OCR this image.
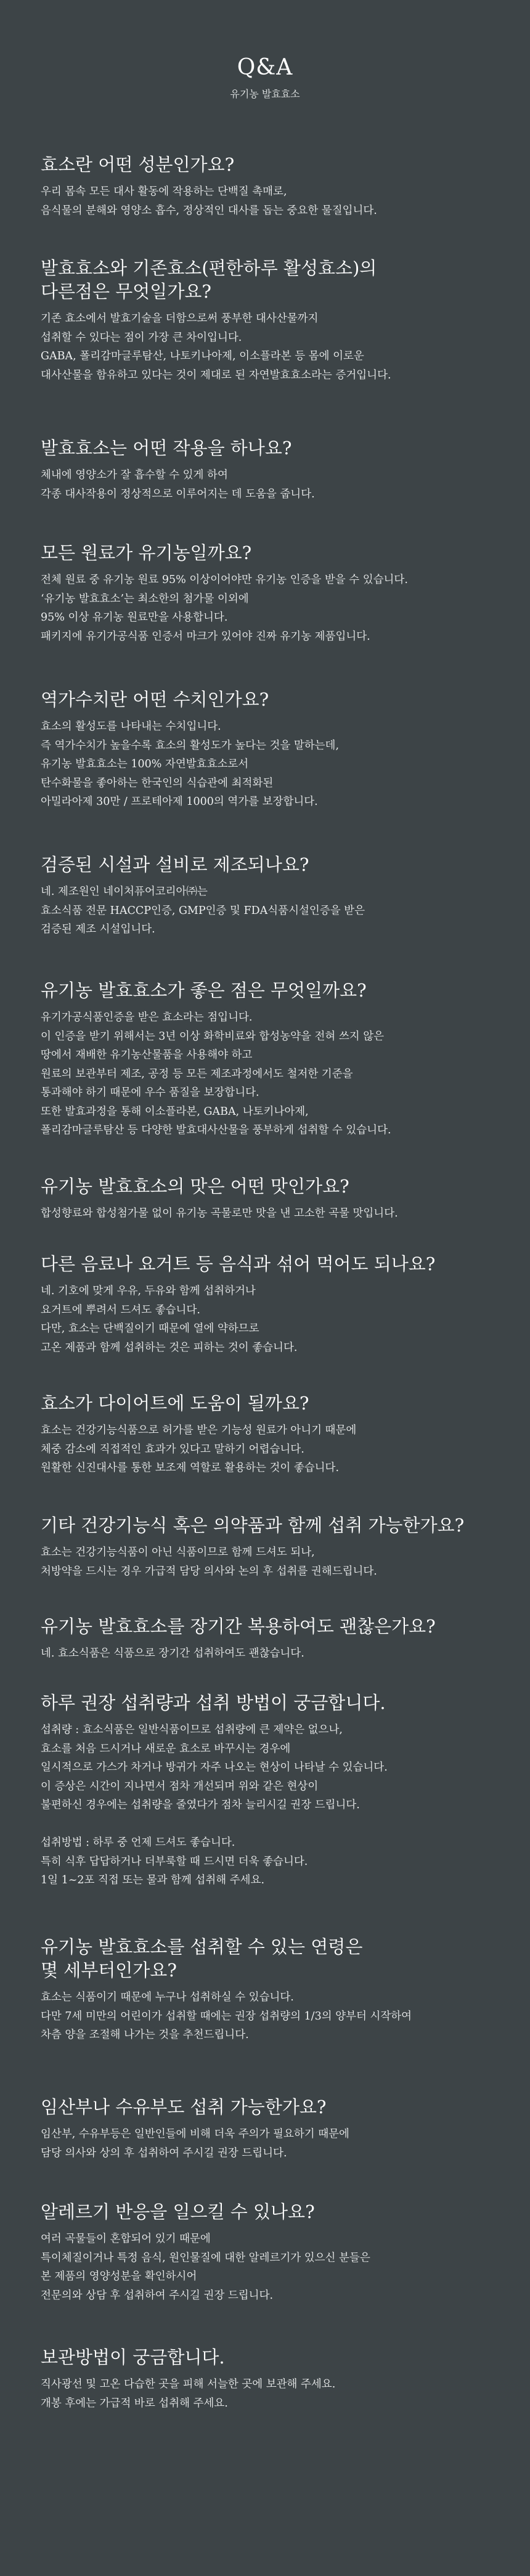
Q&A
유기농 발효효소
효소란 어떤 성분인가요?
우리 몸속 모든 대사 활동에 작용하는 단백질 촉매로,
음식물의 분해와 영양소 흡수, 정상적인 대사를 돕는 중요한 물질입니다.
발효효소와 기존효소(편한하루 활성효소)의
다른점은 무엇일가요?
기존 효소에서 발효기술을 더함으로써 풍부한 대사산물까지
섭취할 수 있다는 점이 가장 큰 차이입니다.
GABA, 폴리감마글루탐산, 나토키나아제, 이소플라본 등 몸에 이로운
대사산물을 함유하고 있다는 것이 제대로 된 자연발효효소라는 증거입니다.
발효효소는 어떤 작용을 하나요?
체내에 영양소가 잘 흡수할 수 있게 하여
각종 대사작용이 정상적으로 이루어지는 데 도움을 줍니다.
모든 원료가 유기농일까요?
전체 원료 중 유기농 원료 95% 이상이어야만 유기농 인증을 받을 수 있습니다.
‘유기농 발효효소’는 최소한의 첨가물 이외에
95% 이상 유기농 원료만을 사용합니다.
패키지에 유기가공식품 인증서 마크가 있어야 진짜 유기농 제품입니다.
역가수치란 어떤 수치인가요?
효소의 활성도를 나타내는 수치입니다.
즉 역가수치가 높을수록 효소의 활성도가 높다는 것을 말하는데,
유기농 발효효소는 100% 자연발효효소로서
탄수화물을 좋아하는 한국인의 식습관에 최적화된
아밀라아제 30만 / 프로테아제 1000의 역가를 보장합니다.
검증된 시설과 설비로 제조되나요?
네. 제조원인 네이처퓨어코리아㈜는
효소식품 전문 HACCP인증, GMP인증 및 FDA식품시설인증을 받은
검증된 제조 시설입니다.
유기농 발효효소가 좋은 점은 무엇일까요?
유기가공식품인증을 받은 효소라는 점입니다.
이 인증을 받기 위해서는 3년 이상 화학비료와 합성농약을 전혀 쓰지 않은
땅에서 재배한 유기농산물품을 사용해야 하고
원료의 보관부터 제조, 공정 등 모든 제조과정에서도 철저한 기준을
통과해야 하기 때문에 우수 품질을 보장합니다.
또한 발효과정을 통해 이소플라본, GABA, 나토키나아제,
폴리감마글루탐산 등 다양한 발효대사산물을 풍부하게 섭취할 수 있습니다.
유기농 발효효소의 맛은 어떤 맛인가요?
합성향료와 합성첨가물 없이 유기농 곡물로만 맛을 낸 고소한 곡물 맛입니다.
다른 음료나 요거트 등 음식과 섞어 먹어도 되나요?
네. 기호에 맞게 우유, 두유와 함께 섭취하거나
요거트에 뿌려서 드셔도 좋습니다.
다만, 효소는 단백질이기 때문에 열에 약하므로
고온 제품과 함께 섭취하는 것은 피하는 것이 좋습니다.
효소가 다이어트에 도움이 될까요?
효소는 건강기능식품으로 허가를 받은 기능성 원료가 아니기 때문에
체중 감소에 직접적인 효과가 있다고 말하기 어렵습니다.
원활한 신진대사를 통한 보조제 역할로 활용하는 것이 좋습니다.
기타 건강기능식 혹은 의약품과 함께 섭취 가능한가요?
효소는 건강기능식품이 아닌 식품이므로 함께 드셔도 되나,
처방약을 드시는 경우 가급적 담당 의사와 논의 후 섭취를 권해드립니다.
유기농 발효효소를 장기간 복용하여도 괜찮은가요?
네. 효소식품은 식품으로 장기간 섭취하여도 괜찮습니다.
하루 권장 섭취량과 섭취 방법이 궁금합니다.
섭취량 : 효소식품은 일반식품이므로 섭취량에 큰 제약은 없으나,
효소를 처음 드시거나 새로운 효소로 바꾸시는 경우에
일시적으로 가스가 차거나 방귀가 자주 나오는 현상이 나타날 수 있습니다.
이 증상은 시간이 지나면서 점차 개선되며 위와 같은 현상이
불편하신 경우에는 섭취량을 줄였다가 점차 늘리시길 권장 드립니다.

섭취방법 : 하루 중 언제 드셔도 좋습니다.
특히 식후 답답하거나 더부룩할 때 드시면 더욱 좋습니다.
1일 1~2포 직접 또는 물과 함께 섭취해 주세요.
유기농 발효효소를 섭취할 수 있는 연령은
몇 세부터인가요?
효소는 식품이기 때문에 누구나 섭취하실 수 있습니다.
다만 7세 미만의 어린이가 섭취할 때에는 권장 섭취량의 1/3의 양부터 시작하여
차츰 양을 조절해 나가는 것을 추천드립니다.
임산부나 수유부도 섭취 가능한가요?
임산부, 수유부등은 일반인들에 비해 더욱 주의가 필요하기 때문에
담당 의사와 상의 후 섭취하여 주시길 권장 드립니다.
알레르기 반응을 일으킬 수 있나요?
여러 곡물들이 혼합되어 있기 때문에
특이체질이거나 특정 음식, 원인물질에 대한 알레르기가 있으신 분들은
본 제품의 영양성분을 확인하시어
전문의와 상담 후 섭취하여 주시길 권장 드립니다.
보관방법이 궁금합니다.
직사광선 및 고온 다습한 곳을 피해 서늘한 곳에 보관해 주세요.
개봉 후에는 가급적 바로 섭취해 주세요.
